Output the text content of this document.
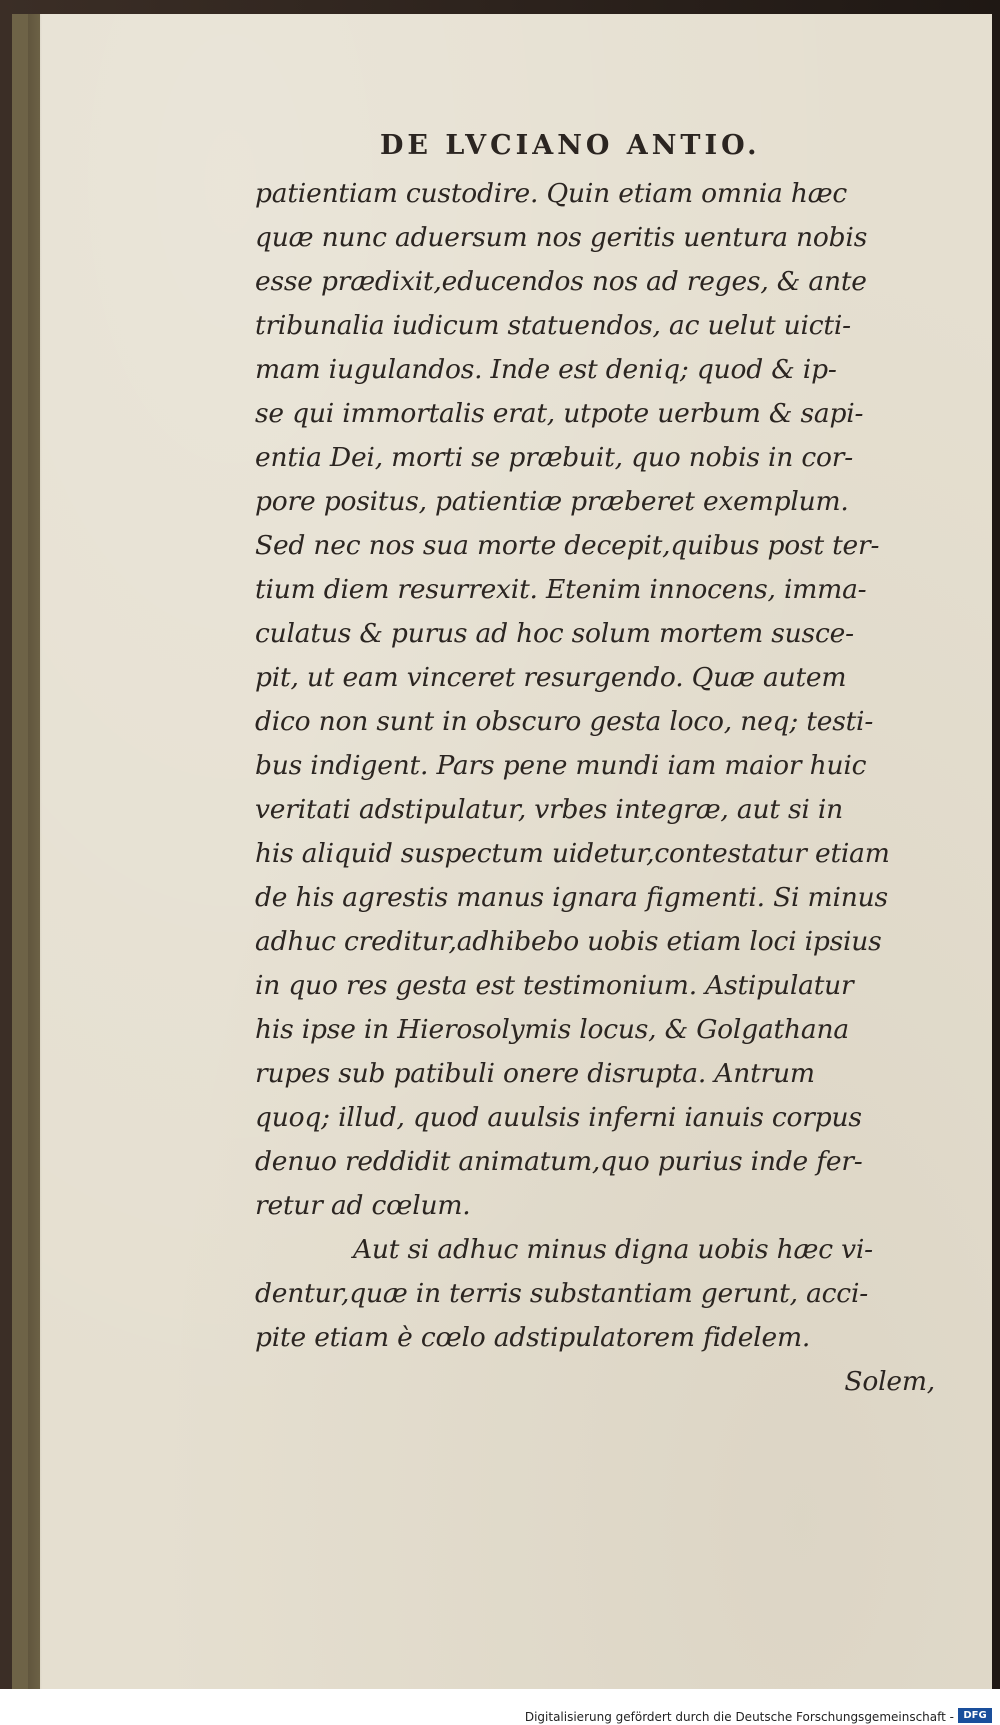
DE LVCIANO ANTIO.
patientiam custodire. Quin etiam omnia hæc
quæ nunc aduersum nos geritis uentura nobis
esse prædixit,educendos nos ad reges, & ante
tribunalia iudicum statuendos, ac uelut uicti-
mam iugulandos. Inde est deniq; quod & ip-
se qui immortalis erat, utpote uerbum & sapi-
entia Dei, morti se præbuit, quo nobis in cor-
pore positus, patientiæ præberet exemplum.
Sed nec nos sua morte decepit,quibus post ter-
tium diem resurrexit. Etenim innocens, imma-
culatus & purus ad hoc solum mortem susce-
pit, ut eam vinceret resurgendo. Quæ autem
dico non sunt in obscuro gesta loco, neq; testi-
bus indigent. Pars pene mundi iam maior huic
veritati adstipulatur, vrbes integræ, aut si in
his aliquid suspectum uidetur,contestatur etiam
de his agrestis manus ignara figmenti. Si minus
adhuc creditur,adhibebo uobis etiam loci ipsius
in quo res gesta est testimonium. Astipulatur
his ipse in Hierosolymis locus, & Golgathana
rupes sub patibuli onere disrupta. Antrum
quoq; illud, quod auulsis inferni ianuis corpus
denuo reddidit animatum,quo purius inde fer-
retur ad cœlum.
Aut si adhuc minus digna uobis hæc vi-
dentur,quæ in terris substantiam gerunt, acci-
pite etiam è cœlo adstipulatorem fidelem.
Solem,
Digitalisierung gefördert durch die Deutsche Forschungsgemeinschaft - DFG
